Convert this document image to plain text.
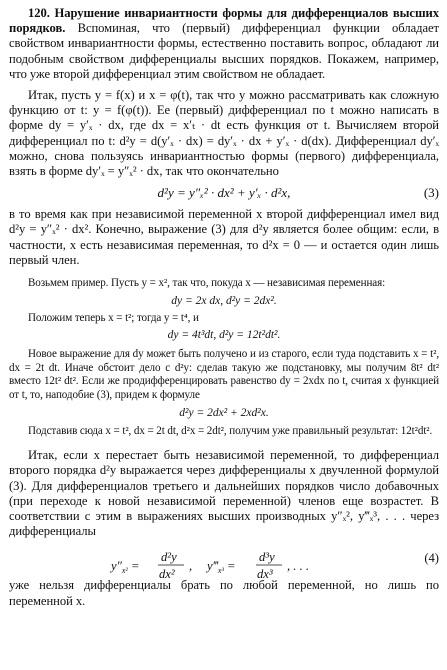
120. Нарушение инвариантности формы для дифференциалов высших порядков. Вспоминая, что (первый) дифференциал функции обладает свойством инвариантности формы, естественно поставить вопрос, обладают ли подобным свойством дифференциалы высших порядков. Покажем, например, что уже второй дифференциал этим свойством не обладает.

Итак, пусть y = f(x) и x = φ(t), так что y можно рассматривать как сложную функцию от t: y = f(φ(t)). Ее (первый) дифференциал по t можно написать в форме dy = y′ₓ · dx, где dx = x′ₜ · dt есть функция от t. Вычисляем второй дифференциал по t: d²y = d(y′ₓ · dx) = dy′ₓ · dx + y′ₓ · d(dx). Дифференциал dy′ₓ можно, снова пользуясь инвариантностью формы (первого) дифференциала, взять в форме dy′ₓ = y″ₓ² · dx, так что окончательно

d²y = y″ₓ² · dx² + y′ₓ · d²x,	(3)

в то время как при независимой переменной x второй дифференциал имел вид d²y = y″ₓ² · dx². Конечно, выражение (3) для d²y является более общим: если, в частности, x есть независимая переменная, то d²x = 0 — и остается один лишь первый член.

Возьмем пример. Пусть y = x², так что, покуда x — независимая переменная:

dy = 2x dx, d²y = 2dx².

Положим теперь x = t²; тогда y = t⁴, и

dy = 4t³dt, d²y = 12t²dt².

Новое выражение для dy может быть получено и из старого, если туда подставить x = t², dx = 2t dt. Иначе обстоит дело с d²y: сделав такую же подстановку, мы получим 8t² dt² вместо 12t² dt². Если же продифференцировать равенство dy = 2xdx по t, считая x функцией от t, то, наподобие (3), придем к формуле

d²y = 2dx² + 2xd²x.

Подставив сюда x = t², dx = 2t dt, d²x = 2dt², получим уже правильный результат: 12t²dt².

Итак, если x перестает быть независимой переменной, то дифференциал второго порядка d²y выражается через дифференциалы x двучленной формулой (3). Для дифференциалов третьего и дальнейших порядков число добавочных (при переходе к новой независимой переменной) членов еще возрастет. В соответствии с этим в выражениях высших производных y″ₓ², y‴ₓ³, . . . через дифференциалы

$y''_{x^2}$ =
d²y
dx²
, $y‴_{x^3}$ =
d³y
dx³
, . . .
(4)

уже нельзя дифференциалы брать по любой переменной, но лишь по переменной x.
